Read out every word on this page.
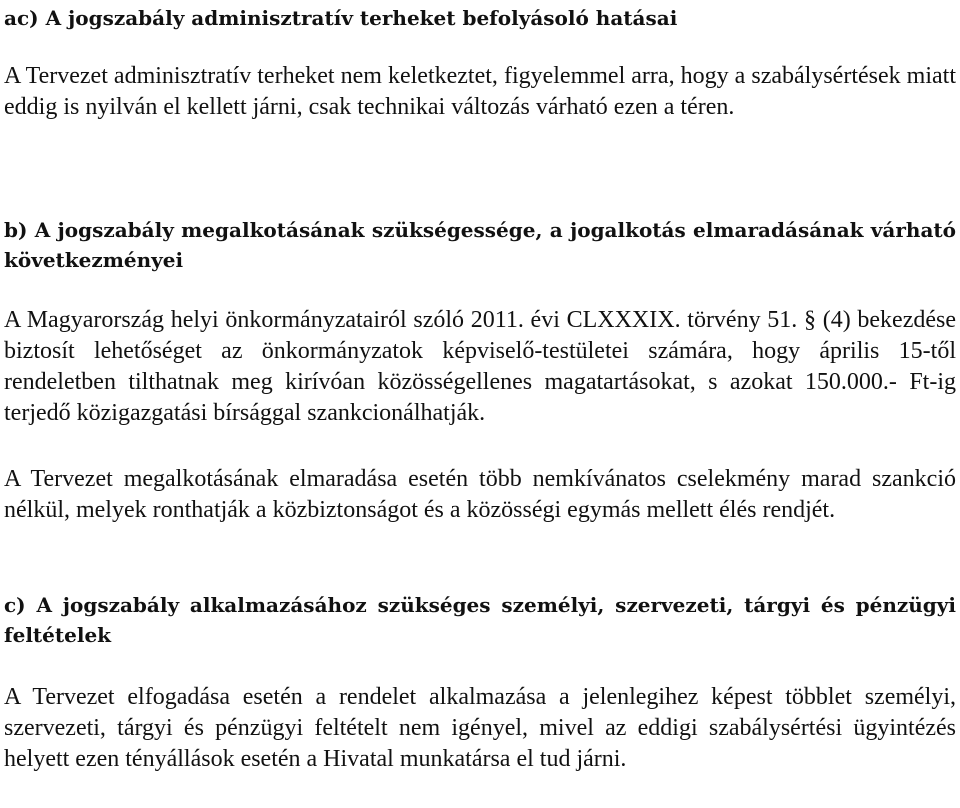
ac) A jogszabály adminisztratív terheket befolyásoló hatásai

A Tervezet adminisztratív terheket nem keletkeztet, figyelemmel arra, hogy a szabálysértések miatt eddig is nyilván el kellett járni, csak technikai változás várható ezen a téren.

b) A jogszabály megalkotásának szükségessége, a jogalkotás elmaradásának várható következményei

A Magyarország helyi önkormányzatairól szóló 2011. évi CLXXXIX. törvény 51. § (4) bekezdése biztosít lehetőséget az önkormányzatok képviselő-testületei számára, hogy április 15-től rendeletben tilthatnak meg kirívóan közösségellenes magatartásokat, s azokat 150.000.- Ft-ig terjedő közigazgatási bírsággal szankcionálhatják.

A Tervezet megalkotásának elmaradása esetén több nemkívánatos cselekmény marad szankció nélkül, melyek ronthatják a közbiztonságot és a közösségi egymás mellett élés rendjét.

c) A jogszabály alkalmazásához szükséges személyi, szervezeti, tárgyi és pénzügyi feltételek

A Tervezet elfogadása esetén a rendelet alkalmazása a jelenlegihez képest többlet személyi, szervezeti, tárgyi és pénzügyi feltételt nem igényel, mivel az eddigi szabálysértési ügyintézés helyett ezen tényállások esetén a Hivatal munkatársa el tud járni.
